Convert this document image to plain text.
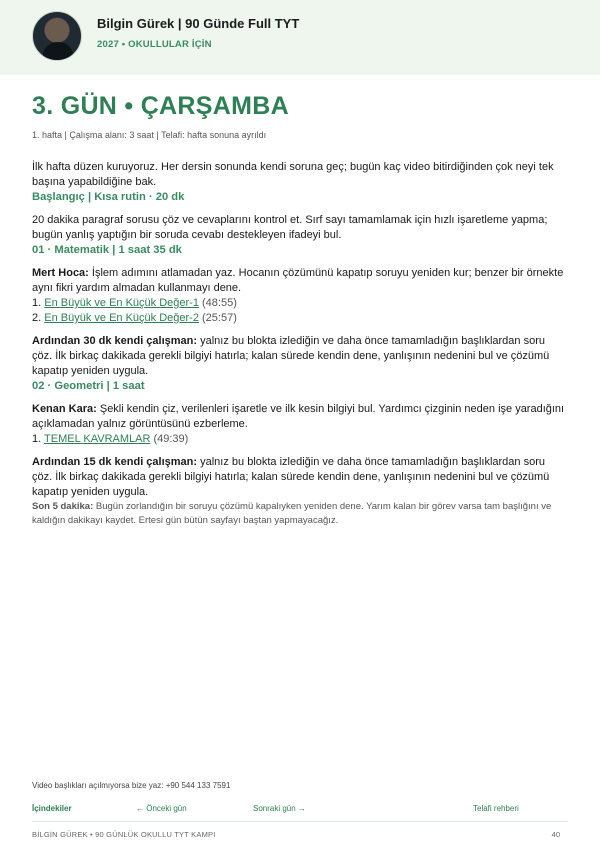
Bilgin Gürek | 90 Günde Full TYT
2027 • OKULLULAR İÇİN
3. GÜN • ÇARŞAMBA
1. hafta | Çalışma alanı: 3 saat | Telafi: hafta sonuna ayrıldı

İlk hafta düzen kuruyoruz. Her dersin sonunda kendi soruna geç; bugün kaç video bitirdiğinden çok neyi tek başına yapabildiğine bak.

Başlangıç | Kısa rutin · 20 dk

20 dakika paragraf sorusu çöz ve cevaplarını kontrol et. Sırf sayı tamamlamak için hızlı işaretleme yapma; bugün yanlış yaptığın bir soruda cevabı destekleyen ifadeyi bul.

01 · Matematik | 1 saat 35 dk

Mert Hoca: İşlem adımını atlamadan yaz. Hocanın çözümünü kapatıp soruyu yeniden kur; benzer bir örnekte aynı fikri yardım almadan kullanmayı dene.

1. En Büyük ve En Küçük Değer-1 (48:55)
2. En Büyük ve En Küçük Değer-2 (25:57)

Ardından 30 dk kendi çalışman: yalnız bu blokta izlediğin ve daha önce tamamladığın başlıklardan soru çöz. İlk birkaç dakikada gerekli bilgiyi hatırla; kalan sürede kendin dene, yanlışının nedenini bul ve çözümü kapatıp yeniden uygula.

02 · Geometri | 1 saat

Kenan Kara: Şekli kendin çiz, verilenleri işaretle ve ilk kesin bilgiyi bul. Yardımcı çizginin neden işe yaradığını açıklamadan yalnız görüntüsünü ezberleme.

1. TEMEL KAVRAMLAR (49:39)

Ardından 15 dk kendi çalışman: yalnız bu blokta izlediğin ve daha önce tamamladığın başlıklardan soru çöz. İlk birkaç dakikada gerekli bilgiyi hatırla; kalan sürede kendin dene, yanlışının nedenini bul ve çözümü kapatıp yeniden uygula.

Son 5 dakika: Bugün zorlandığın bir soruyu çözümü kapalıyken yeniden dene. Yarım kalan bir görev varsa tam başlığını ve kaldığın dakikayı kaydet. Ertesi gün bütün sayfayı baştan yapmayacağız.

Video başlıkları açılmıyorsa bize yaz: +90 544 133 7591
İçindekiler	← Önceki gün	Sonraki gün →	Telafi rehberi
BİLGİN GÜREK • 90 GÜNLÜK OKULLU TYT KAMPI	40
